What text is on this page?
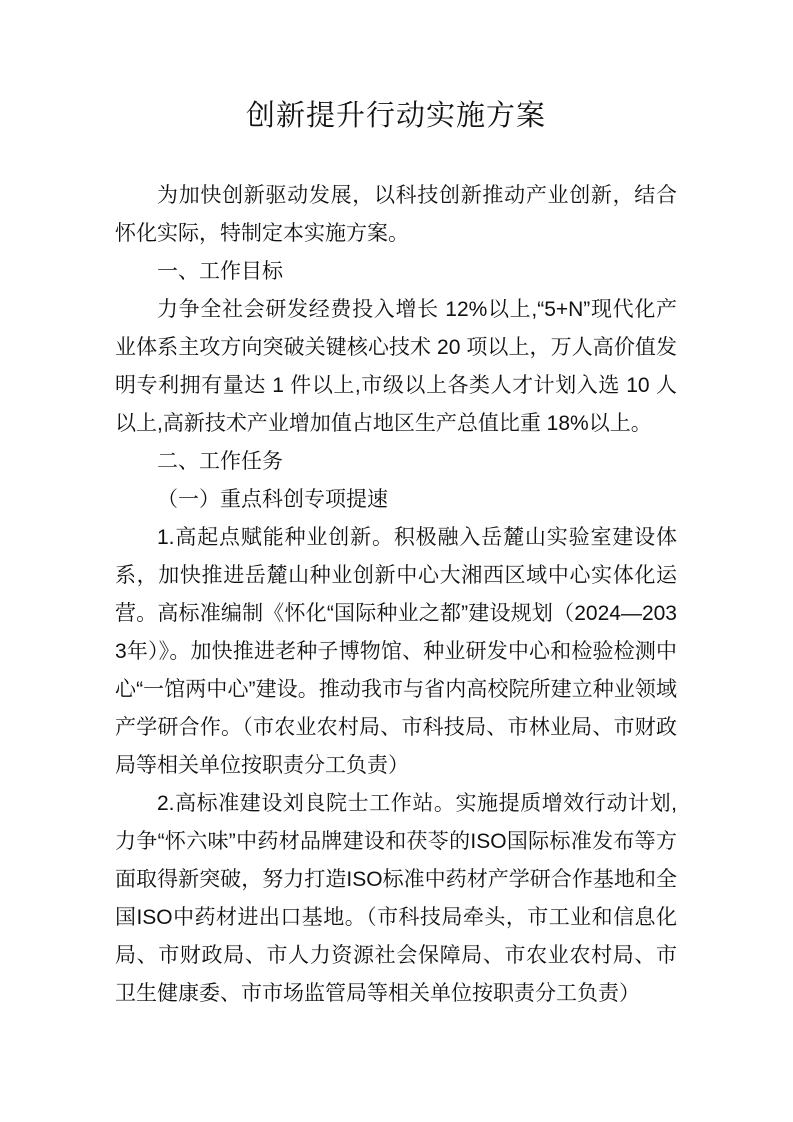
创新提升行动实施方案

为加快创新驱动发展，以科技创新推动产业创新，结合怀化实际，特制定本实施方案。

一、工作目标

力争全社会研发经费投入增长 12%以上,“5+N”现代化产业体系主攻方向突破关键核心技术 20 项以上，万人高价值发明专利拥有量达 1 件以上,市级以上各类人才计划入选 10 人以上,高新技术产业增加值占地区生产总值比重 18%以上。

二、工作任务

（一）重点科创专项提速

1.高起点赋能种业创新。积极融入岳麓山实验室建设体系，加快推进岳麓山种业创新中心大湘西区域中心实体化运营。高标准编制《怀化“国际种业之都”建设规划（2024—2033年）》。加快推进老种子博物馆、种业研发中心和检验检测中心“一馆两中心”建设。推动我市与省内高校院所建立种业领域产学研合作。（市农业农村局、市科技局、市林业局、市财政局等相关单位按职责分工负责）

2.高标准建设刘良院士工作站。实施提质增效行动计划,力争“怀六味”中药材品牌建设和茯苓的ISO国际标准发布等方面取得新突破，努力打造ISO标准中药材产学研合作基地和全国ISO中药材进出口基地。（市科技局牵头，市工业和信息化局、市财政局、市人力资源社会保障局、市农业农村局、市卫生健康委、市市场监管局等相关单位按职责分工负责）
